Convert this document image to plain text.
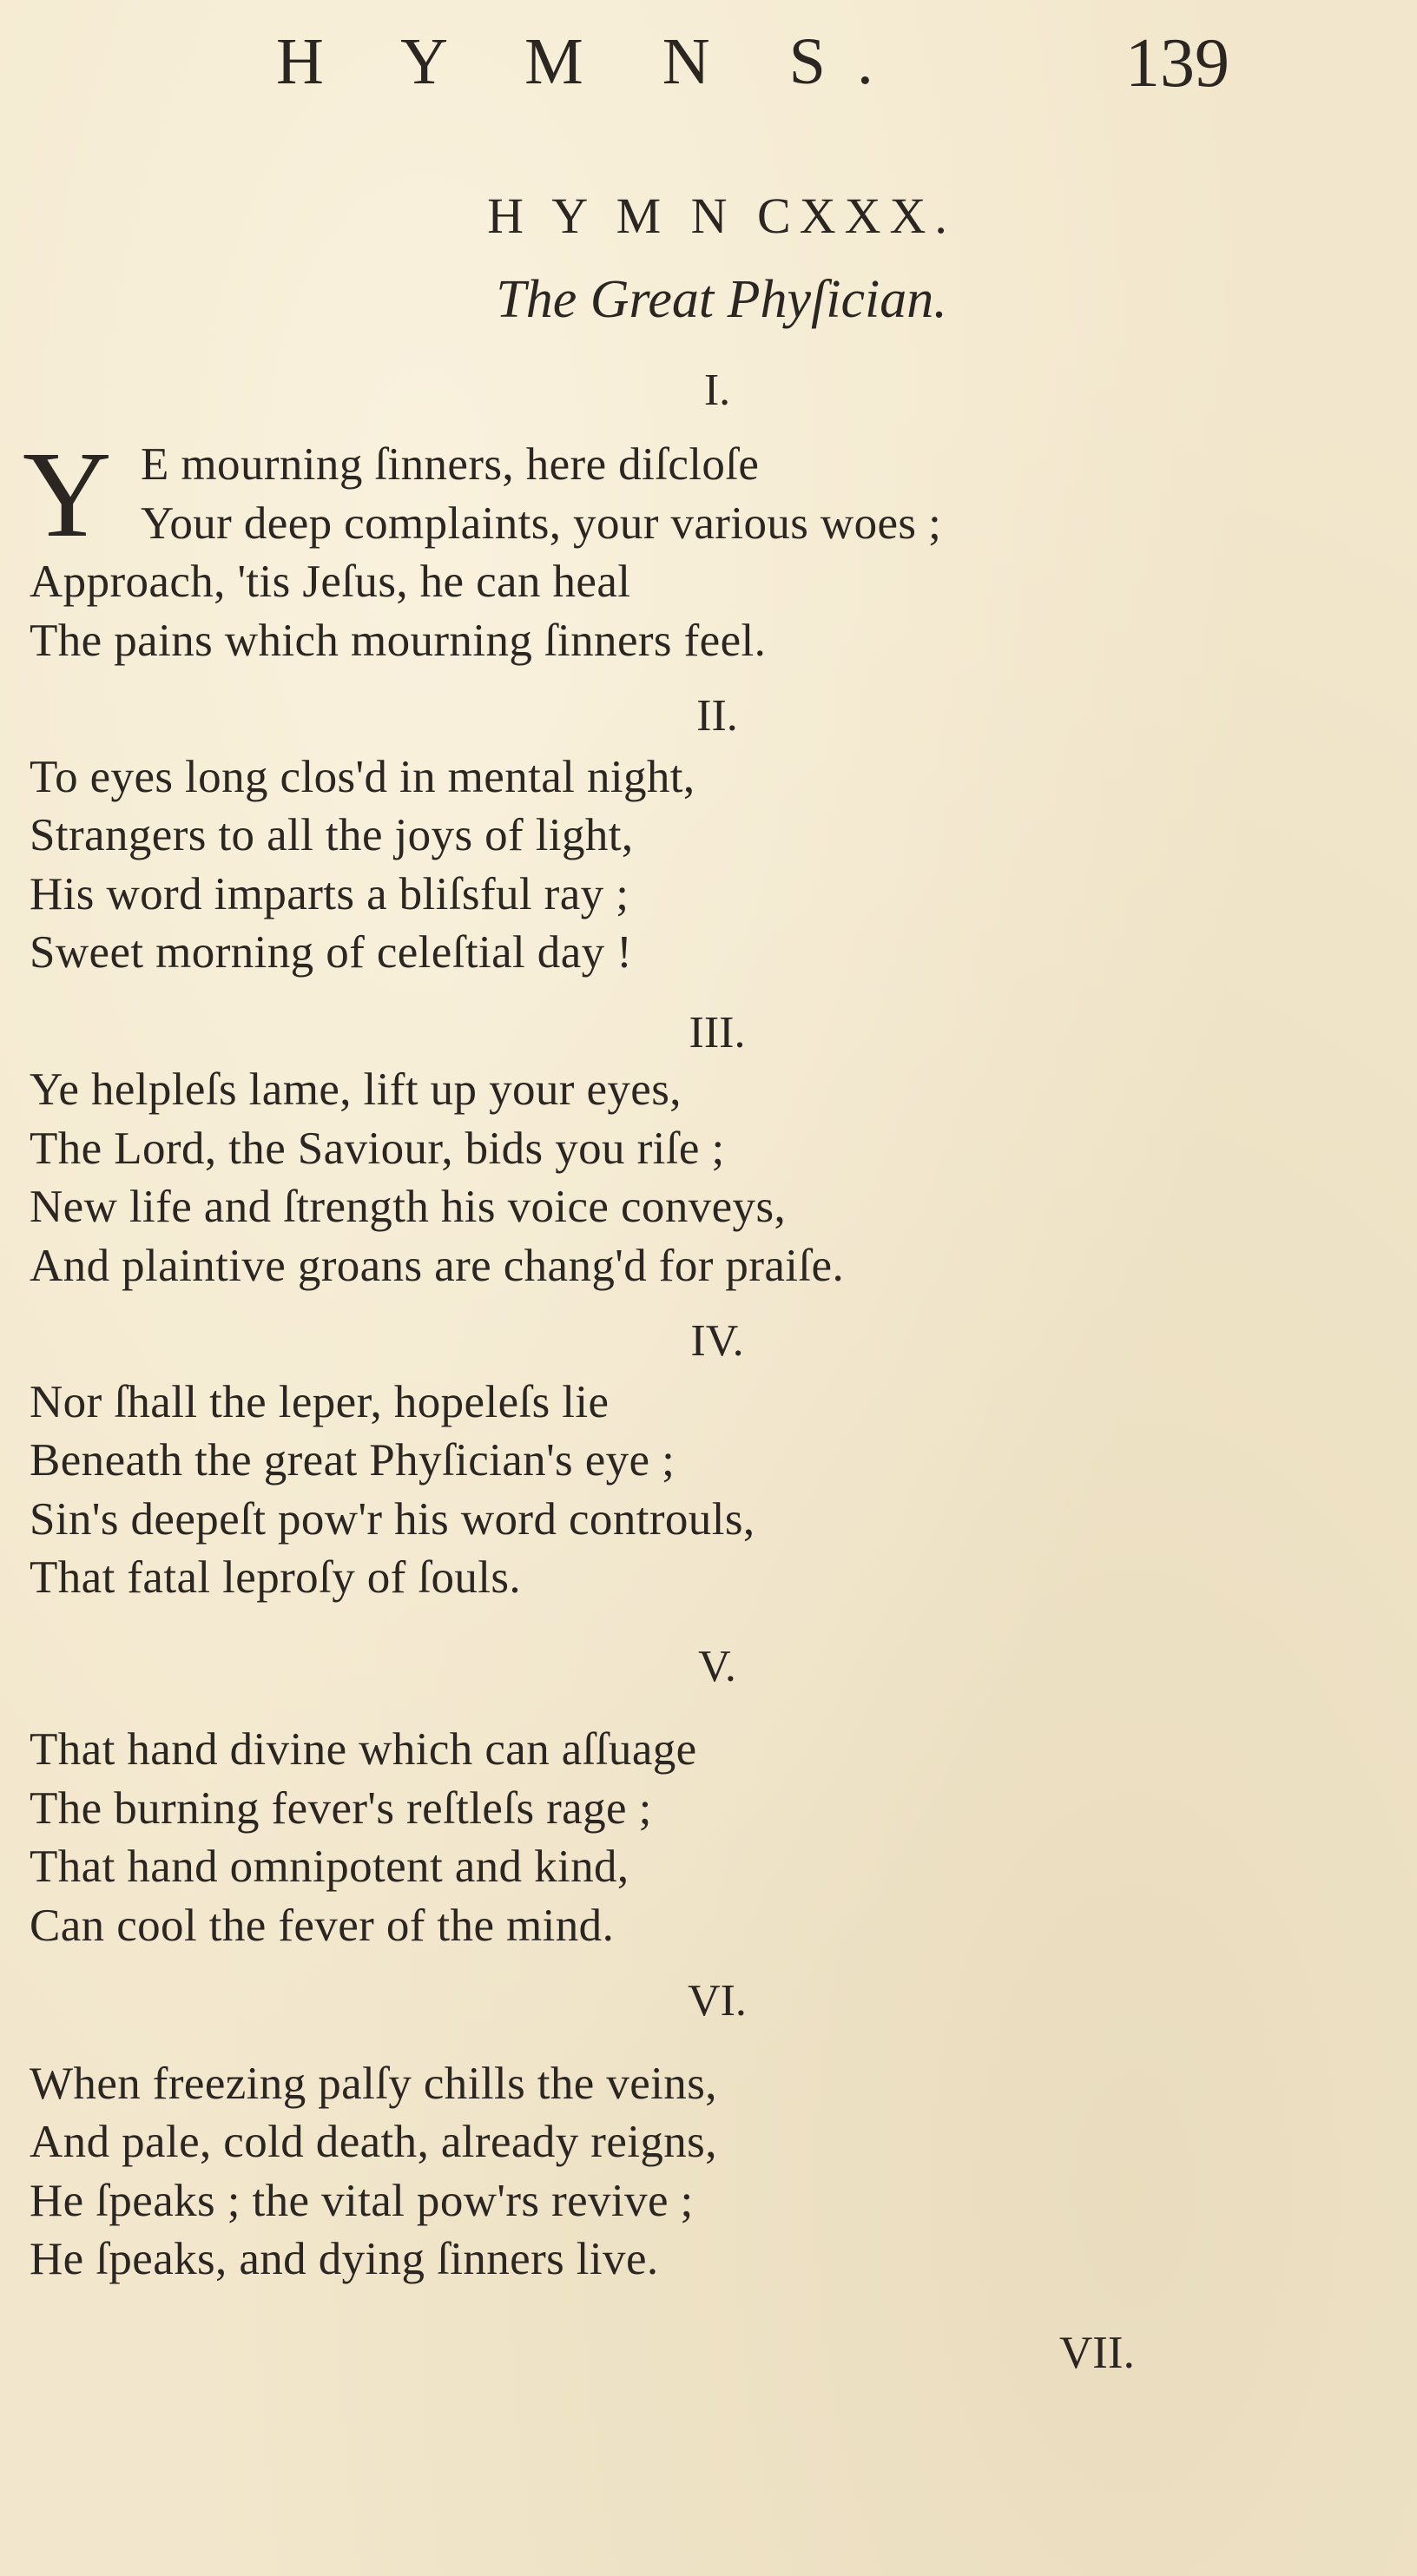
H Y M N S.	139
H Y M N CXXX.
The Great Phyſician.
I.
Y E mourning ſinners, here diſcloſe
Your deep complaints, your various woes ;
Approach, 'tis Jeſus, he can heal
The pains which mourning ſinners feel.
II.
To eyes long clos'd in mental night,
Strangers to all the joys of light,
His word imparts a bliſsful ray ;
Sweet morning of celeſtial day !
III.
Ye helpleſs lame, lift up your eyes,
The Lord, the Saviour, bids you riſe ;
New life and ſtrength his voice conveys,
And plaintive groans are chang'd for praiſe.
IV.
Nor ſhall the leper, hopeleſs lie
Beneath the great Phyſician's eye ;
Sin's deepeſt pow'r his word controuls,
That fatal leproſy of ſouls.
V.
That hand divine which can aſſuage
The burning fever's reſtleſs rage ;
That hand omnipotent and kind,
Can cool the fever of the mind.
VI.
When freezing palſy chills the veins,
And pale, cold death, already reigns,
He ſpeaks ; the vital pow'rs revive ;
He ſpeaks, and dying ſinners live.
VII.
